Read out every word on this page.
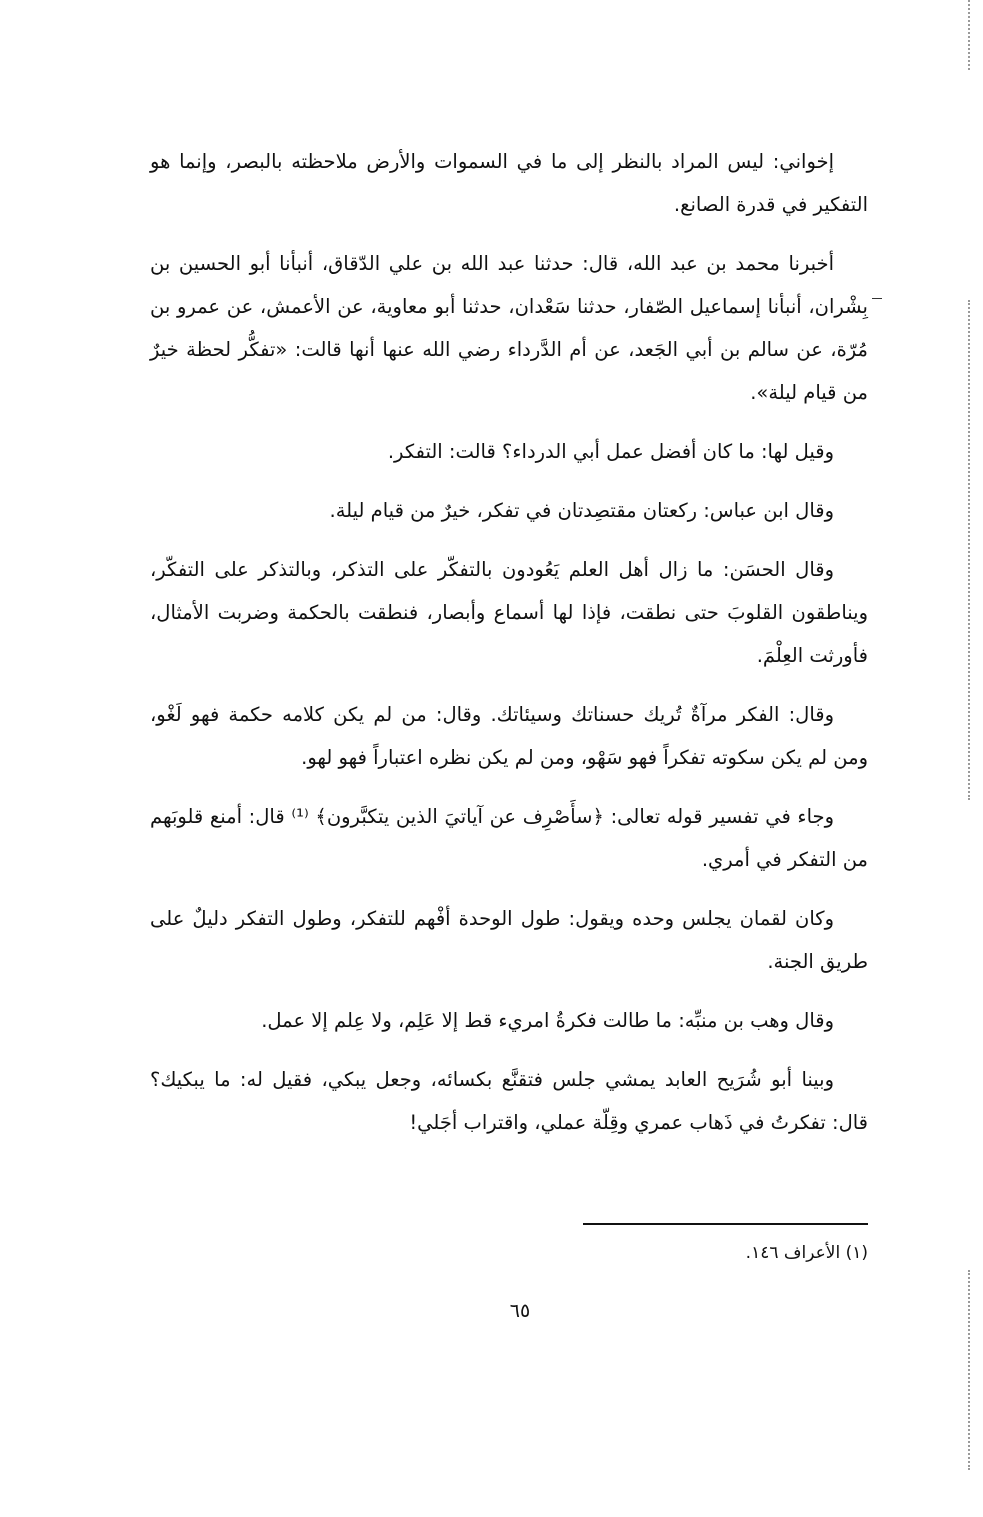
إخواني: ليس المراد بالنظر إلى ما في السموات والأرض ملاحظته بالبصر، وإنما هو التفكير في قدرة الصانع.

أخبرنا محمد بن عبد الله، قال: حدثنا عبد الله بن علي الدّقاق، أنبأنا أبو الحسين بن بِشْران، أنبأنا إسماعيل الصّفار، حدثنا سَعْدان، حدثنا أبو معاوية، عن الأعمش، عن عمرو بن مُرّة، عن سالم بن أبي الجَعد، عن أم الدَّرداء رضي الله عنها أنها قالت: «تفكُّر لحظة خيرٌ من قيام ليلة».

وقيل لها: ما كان أفضل عمل أبي الدرداء؟ قالت: التفكر.

وقال ابن عباس: ركعتان مقتصِدتان في تفكر، خيرٌ من قيام ليلة.

وقال الحسَن: ما زال أهل العلم يَعُودون بالتفكّر على التذكر، وبالتذكر على التفكّر، ويناطقون القلوبَ حتى نطقت، فإذا لها أسماع وأبصار، فنطقت بالحكمة وضربت الأمثال، فأورثت العِلْمَ.

وقال: الفكر مرآةٌ تُريك حسناتك وسيئاتك. وقال: من لم يكن كلامه حكمة فهو لَغْو، ومن لم يكن سكوته تفكراً فهو سَهْو، ومن لم يكن نظره اعتباراً فهو لهو.

وجاء في تفسير قوله تعالى: ﴿سأَصْرِف عن آياتيَ الذين يتكبَّرون﴾ ⁽¹⁾ قال: أمنع قلوبَهم من التفكر في أمري.

وكان لقمان يجلس وحده ويقول: طول الوحدة أفْهم للتفكر، وطول التفكر دليلٌ على طريق الجنة.

وقال وهب بن منبِّه: ما طالت فكرةُ امريء قط إلا عَلِم، ولا عِلم إلا عمل.

وبينا أبو شُرَيح العابد يمشي جلس فتقنَّع بكسائه، وجعل يبكي، فقيل له: ما يبكيك؟ قال: تفكرتُ في ذَهاب عمري وقِلّة عملي، واقتراب أجَلي!

(١) الأعراف ١٤٦.
٦٥
